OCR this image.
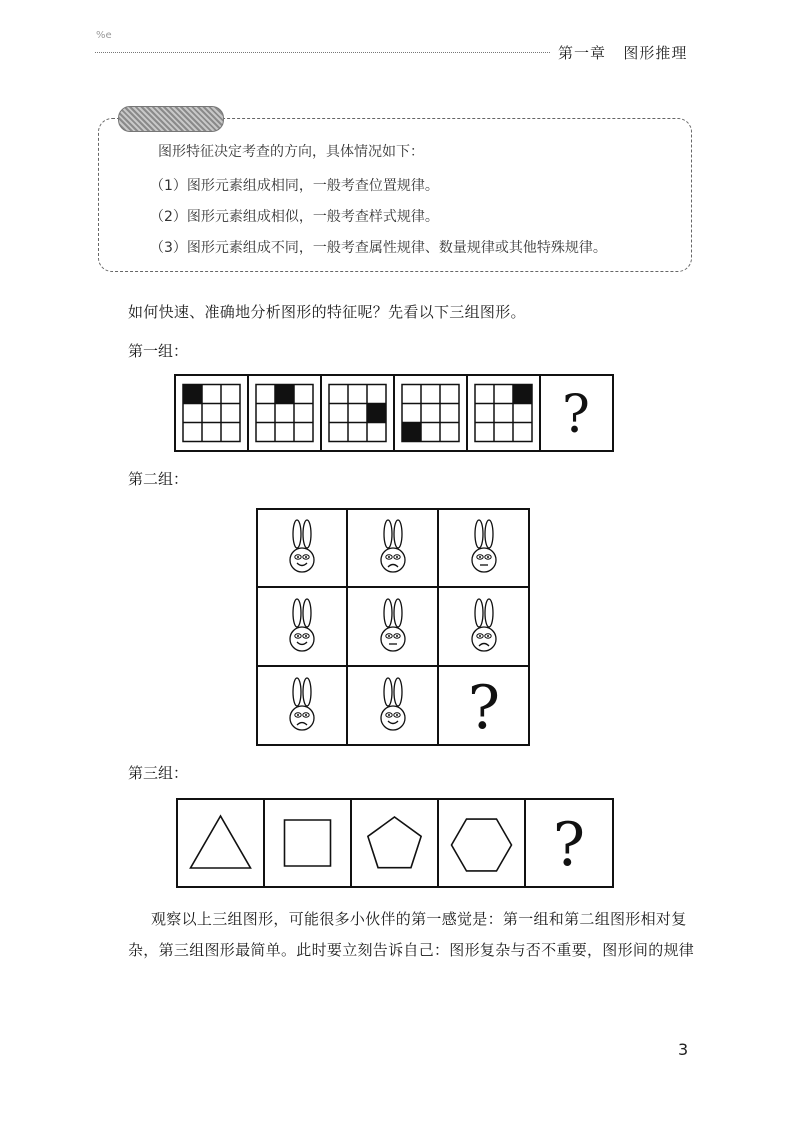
%e
第一章 图形推理
图形特征决定考查的方向，具体情况如下：
（1）图形元素组成相同，一般考查位置规律。
（2）图形元素组成相似，一般考查样式规律。
（3）图形元素组成不同，一般考查属性规律、数量规律或其他特殊规律。
如何快速、准确地分析图形的特征呢？先看以下三组图形。
第一组：
?
第二组：
?
第三组：
?
观察以上三组图形，可能很多小伙伴的第一感觉是：第一组和第二组图形相对复
杂，第三组图形最简单。此时要立刻告诉自己：图形复杂与否不重要，图形间的规律
3
